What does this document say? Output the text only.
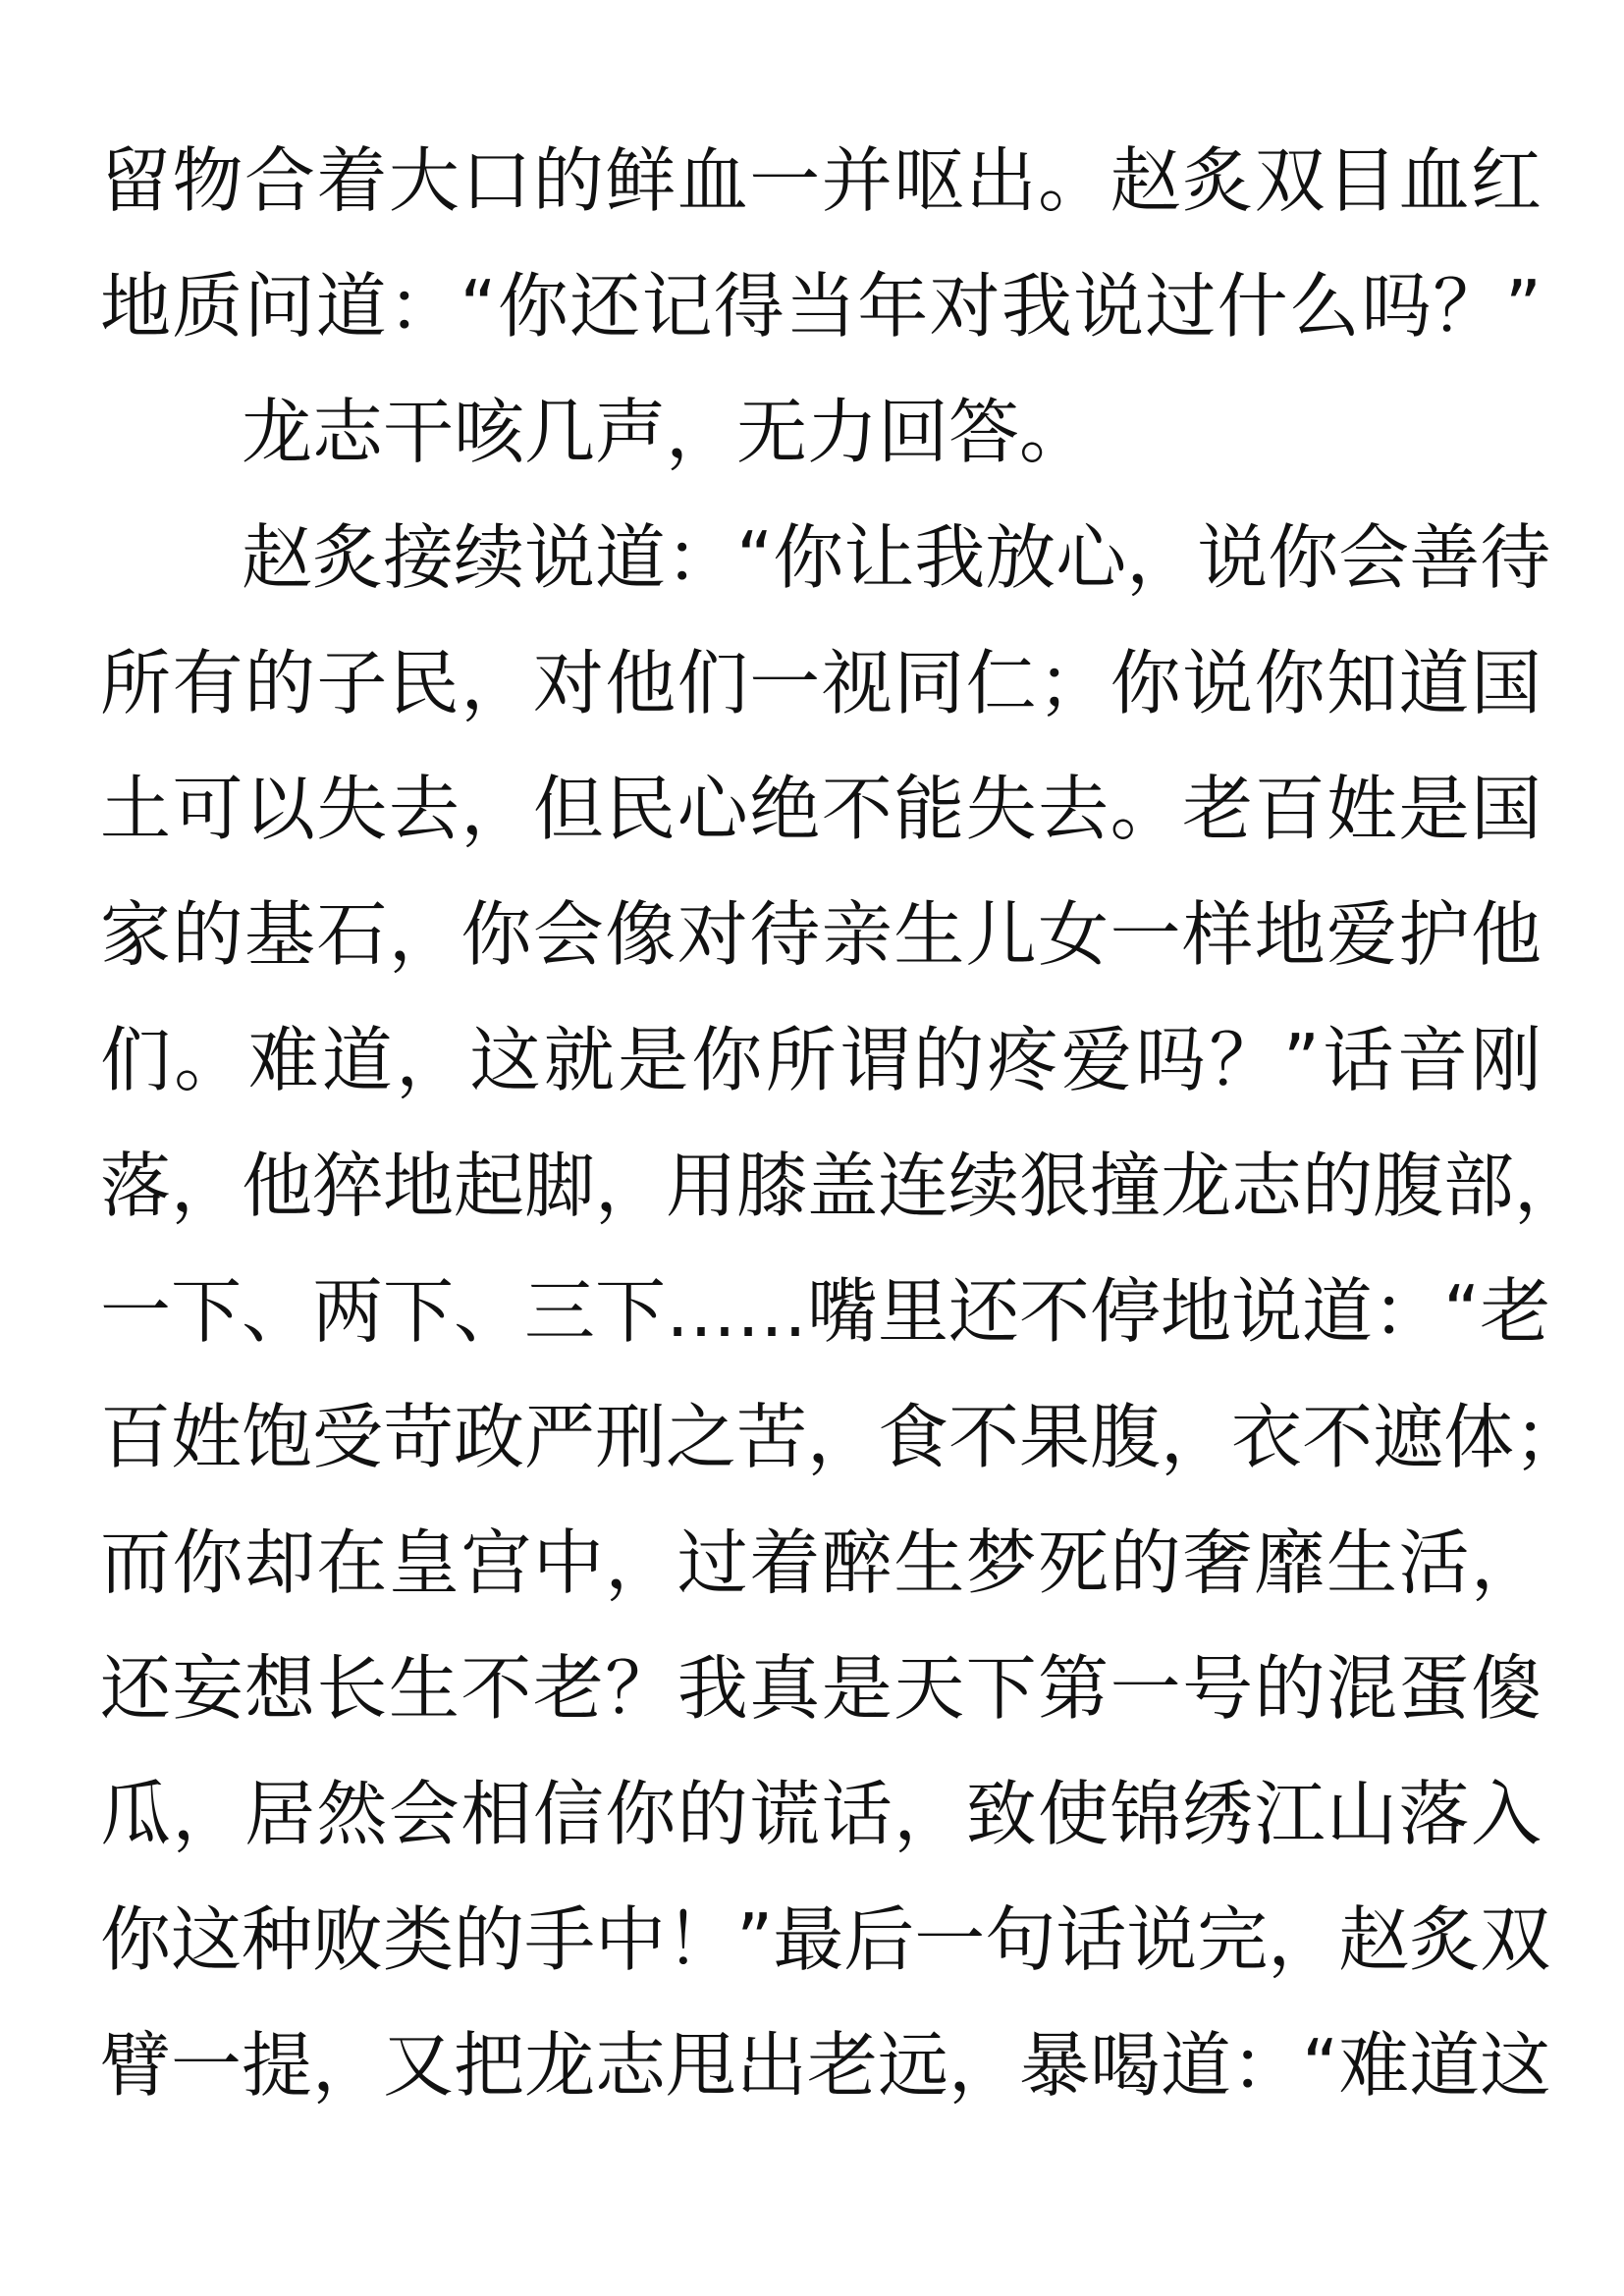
留物合着大口的鲜血一并呕出。赵炙双目血红
地质问道：“你还记得当年对我说过什么吗？”
龙志干咳几声，无力回答。
赵炙接续说道：“你让我放心，说你会善待
所有的子民，对他们一视同仁；你说你知道国
土可以失去，但民心绝不能失去。老百姓是国
家的基石，你会像对待亲生儿女一样地爱护他
们。难道，这就是你所谓的疼爱吗？”话音刚
落，他猝地起脚，用膝盖连续狠撞龙志的腹部，
一下、两下、三下……嘴里还不停地说道：“老
百姓饱受苛政严刑之苦，食不果腹，衣不遮体；
而你却在皇宫中，过着醉生梦死的奢靡生活，
还妄想长生不老？我真是天下第一号的混蛋傻
瓜，居然会相信你的谎话，致使锦绣江山落入
你这种败类的手中！”最后一句话说完，赵炙双
臂一提，又把龙志甩出老远，暴喝道：“难道这
